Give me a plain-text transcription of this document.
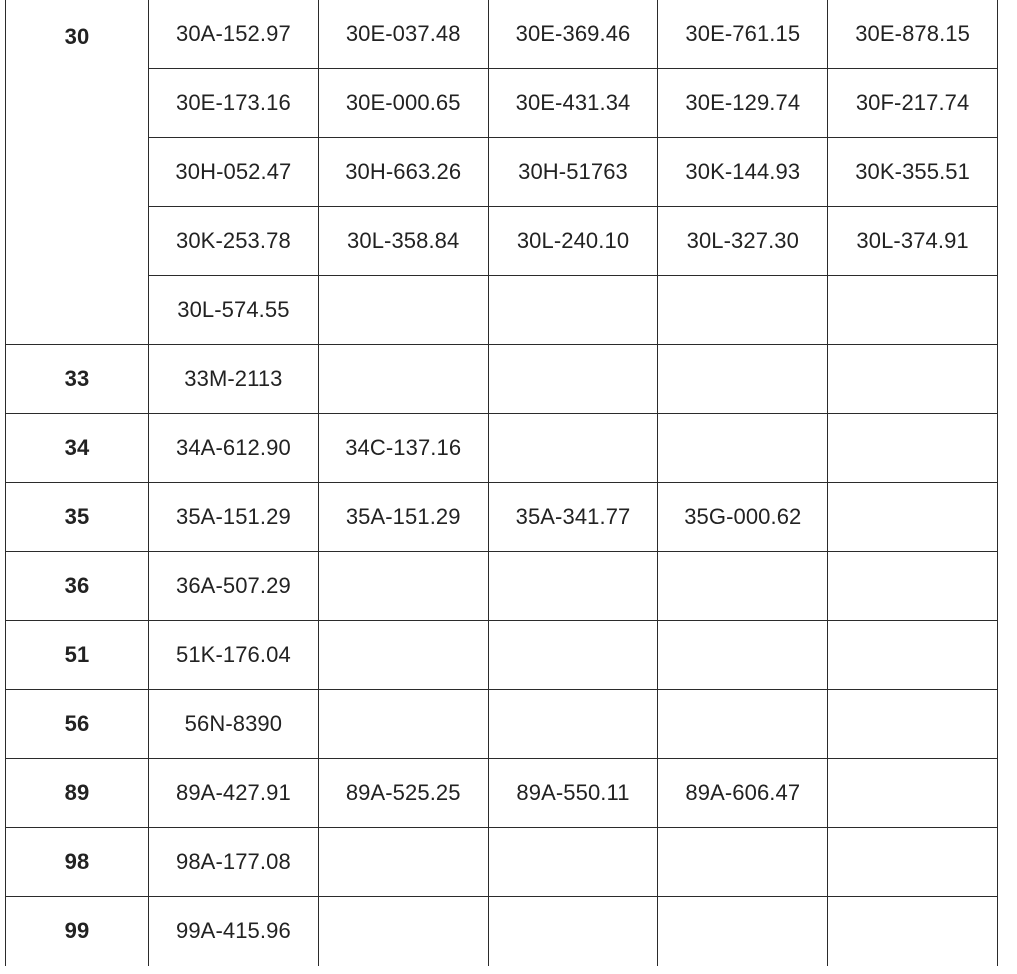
30	30A-152.97	30E-037.48	30E-369.46	30E-761.15	30E-878.15
	30E-173.16	30E-000.65	30E-431.34	30E-129.74	30F-217.74
	30H-052.47	30H-663.26	30H-51763	30K-144.93	30K-355.51
	30K-253.78	30L-358.84	30L-240.10	30L-327.30	30L-374.91
	30L-574.55				
33	33M-2113				
34	34A-612.90	34C-137.16			
35	35A-151.29	35A-151.29	35A-341.77	35G-000.62	
36	36A-507.29				
51	51K-176.04				
56	56N-8390				
89	89A-427.91	89A-525.25	89A-550.11	89A-606.47	
98	98A-177.08				
99	99A-415.96				
